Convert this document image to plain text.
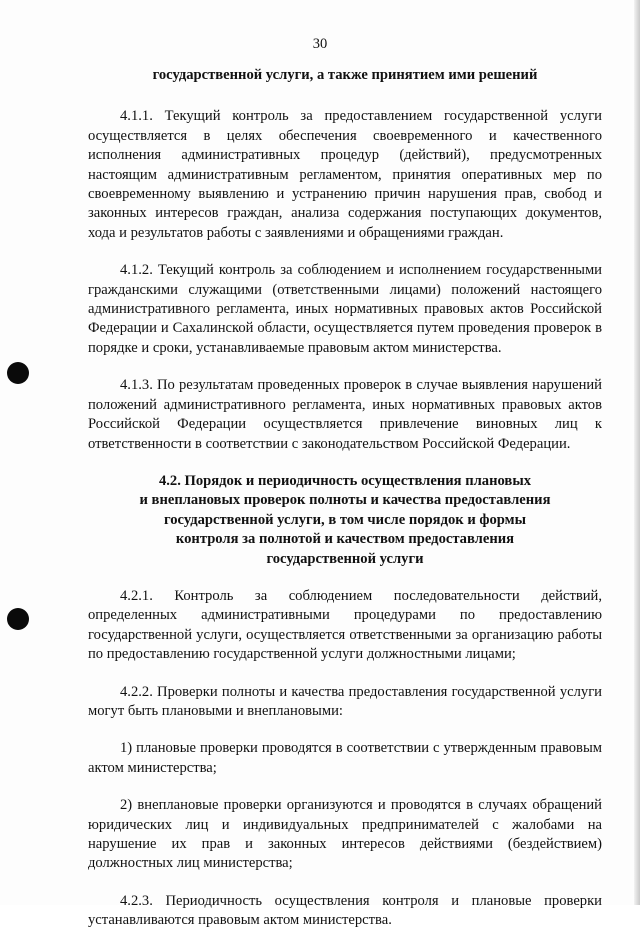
30

государственной услуги, а также принятием ими решений

4.1.1. Текущий контроль за предоставлением государственной услуги осуществляется в целях обеспечения своевременного и качественного исполнения административных процедур (действий), предусмотренных настоящим административным регламентом, принятия оперативных мер по своевременному выявлению и устранению причин нарушения прав, свобод и законных интересов граждан, анализа содержания поступающих документов, хода и результатов работы с заявлениями и обращениями граждан.

4.1.2. Текущий контроль за соблюдением и исполнением государственными гражданскими служащими (ответственными лицами) положений настоящего административного регламента, иных нормативных правовых актов Российской Федерации и Сахалинской области, осуществляется путем проведения проверок в порядке и сроки, устанавливаемые правовым актом министерства.

4.1.3. По результатам проведенных проверок в случае выявления нарушений положений административного регламента, иных нормативных правовых актов Российской Федерации осуществляется привлечение виновных лиц к ответственности в соответствии с законодательством Российской Федерации.

4.2. Порядок и периодичность осуществления плановых
и внеплановых проверок полноты и качества предоставления
государственной услуги, в том числе порядок и формы
контроля за полнотой и качеством предоставления
государственной услуги

4.2.1. Контроль за соблюдением последовательности действий, определенных административными процедурами по предоставлению государственной услуги, осуществляется ответственными за организацию работы по предоставлению государственной услуги должностными лицами;

4.2.2. Проверки полноты и качества предоставления государственной услуги могут быть плановыми и внеплановыми:

1) плановые проверки проводятся в соответствии с утвержденным правовым актом министерства;

2) внеплановые проверки организуются и проводятся в случаях обращений юридических лиц и индивидуальных предпринимателей с жалобами на нарушение их прав и законных интересов действиями (бездействием) должностных лиц министерства;

4.2.3. Периодичность осуществления контроля и плановые проверки устанавливаются правовым актом министерства.
